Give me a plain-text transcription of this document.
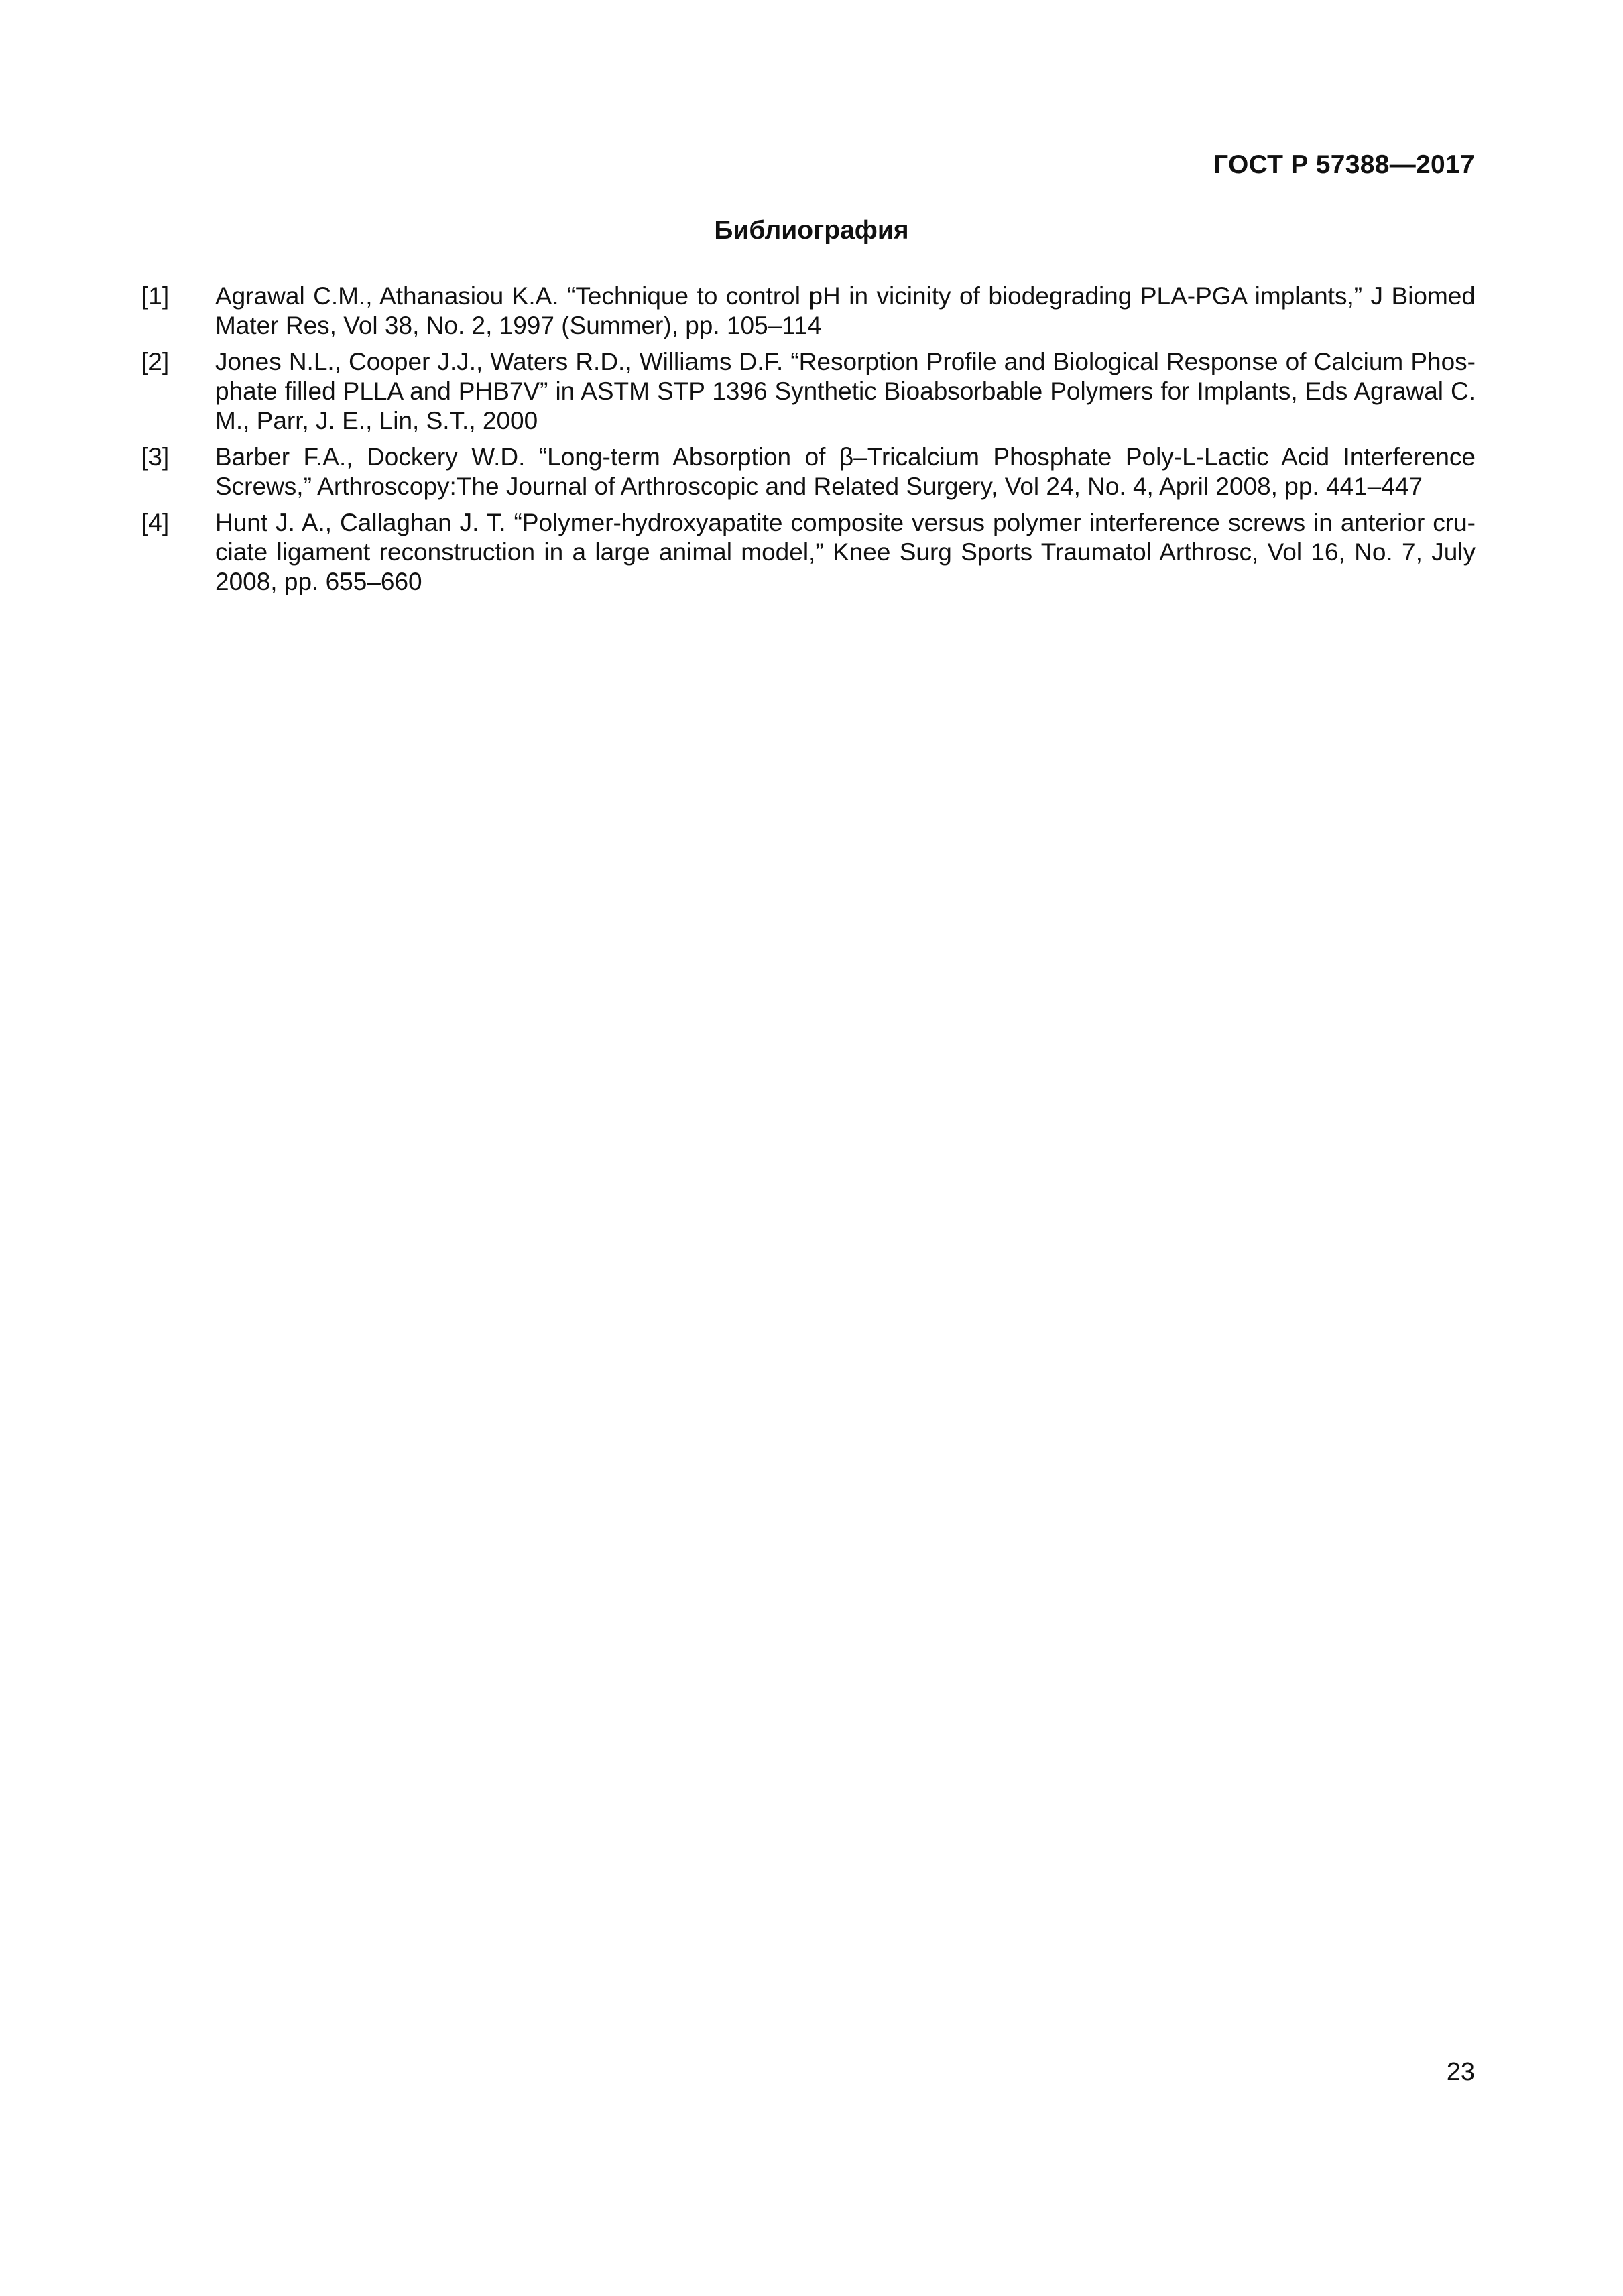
ГОСТ Р 57388—2017
Библиография
[1]	Agrawal C.M., Athanasiou K.A. “Technique to control pH in vicinity of biodegrading PLA-PGA implants,” J Biomed Mater Res, Vol 38, No. 2, 1997 (Summer), pp. 105–114
[2]	Jones N.L., Cooper J.J., Waters R.D., Williams D.F. “Resorption Profile and Biological Response of Calcium Phosphate filled PLLA and PHB7V” in ASTM STP 1396 Synthetic Bioabsorbable Polymers for Implants, Eds Agrawal C. M., Parr, J. E., Lin, S.T., 2000
[3]	Barber F.A., Dockery W.D. “Long-term Absorption of β–Tricalcium Phosphate Poly-L-Lactic Acid Interference Screws,” Arthroscopy:The Journal of Arthroscopic and Related Surgery, Vol 24, No. 4, April 2008, pp. 441–447
[4]	Hunt J. A., Callaghan J. T. “Polymer-hydroxyapatite composite versus polymer interference screws in anterior cruciate ligament reconstruction in a large animal model,” Knee Surg Sports Traumatol Arthrosc, Vol 16, No. 7, July 2008, pp. 655–660
23
